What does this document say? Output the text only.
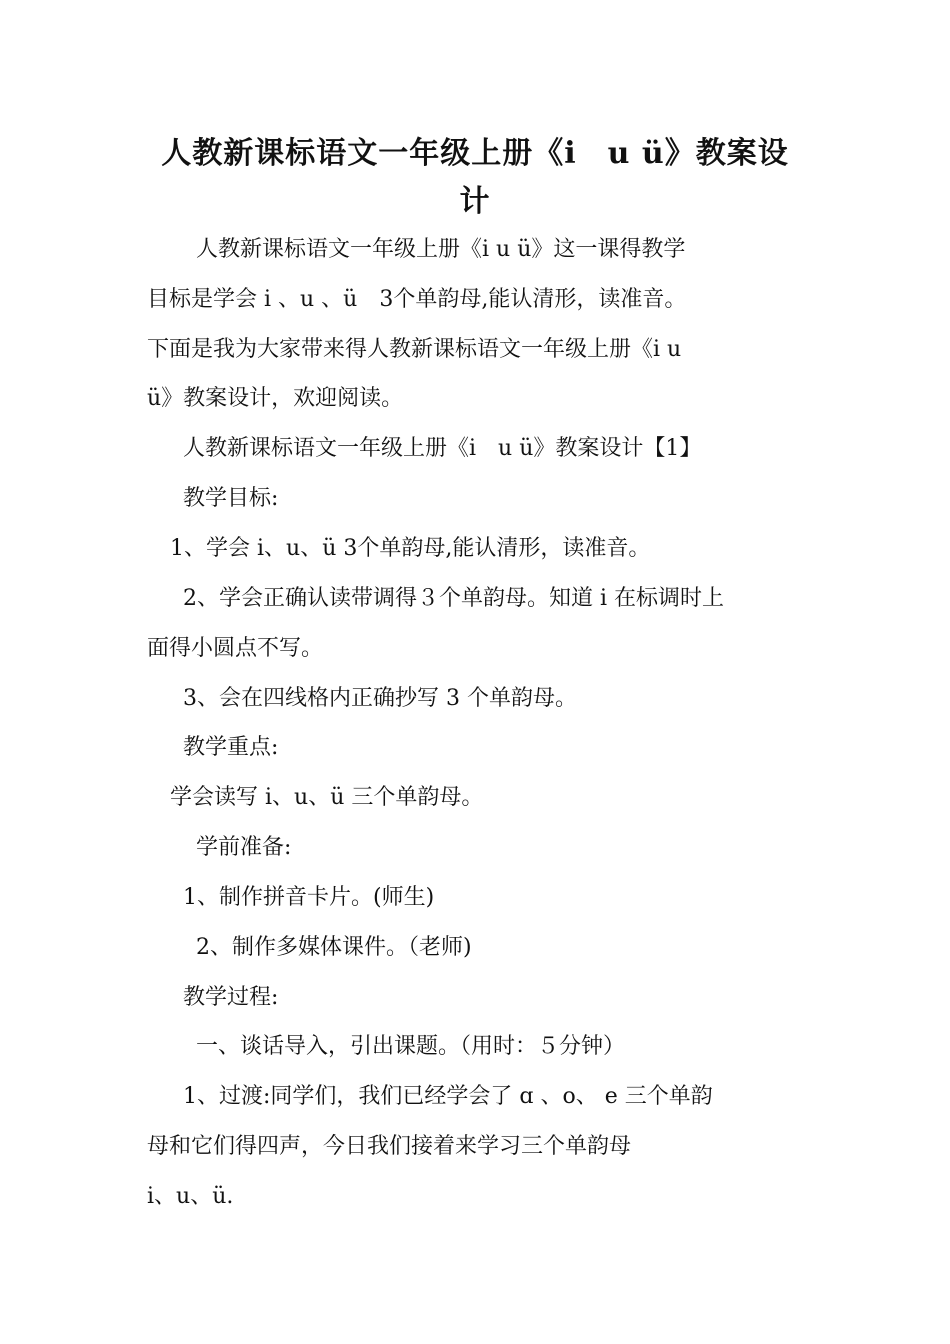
人教新课标语文一年级上册《i　u ü》教案设
计
人教新课标语文一年级上册《i u ü》这一课得教学
目标是学会 i 、u 、ü　3个单韵母,能认清形，读准音。
下面是我为大家带来得人教新课标语文一年级上册《i u
ü》教案设计，欢迎阅读。
人教新课标语文一年级上册《i　u ü》教案设计【1】
教学目标:
1、学会 i、u、ü 3个单韵母,能认清形，读准音。
2、学会正确认读带调得３个单韵母。知道 i 在标调时上
面得小圆点不写。
3、会在四线格内正确抄写 3 个单韵母。
教学重点:
学会读写 i、u、ü 三个单韵母。
学前准备:
1、制作拼音卡片。(师生)
2、制作多媒体课件。（老师)
教学过程:
一、谈话导入，引出课题。（用时：５分钟）
1、过渡:同学们，我们已经学会了 ɑ 、o、 e 三个单韵
母和它们得四声，今日我们接着来学习三个单韵母
i、u、ü.
